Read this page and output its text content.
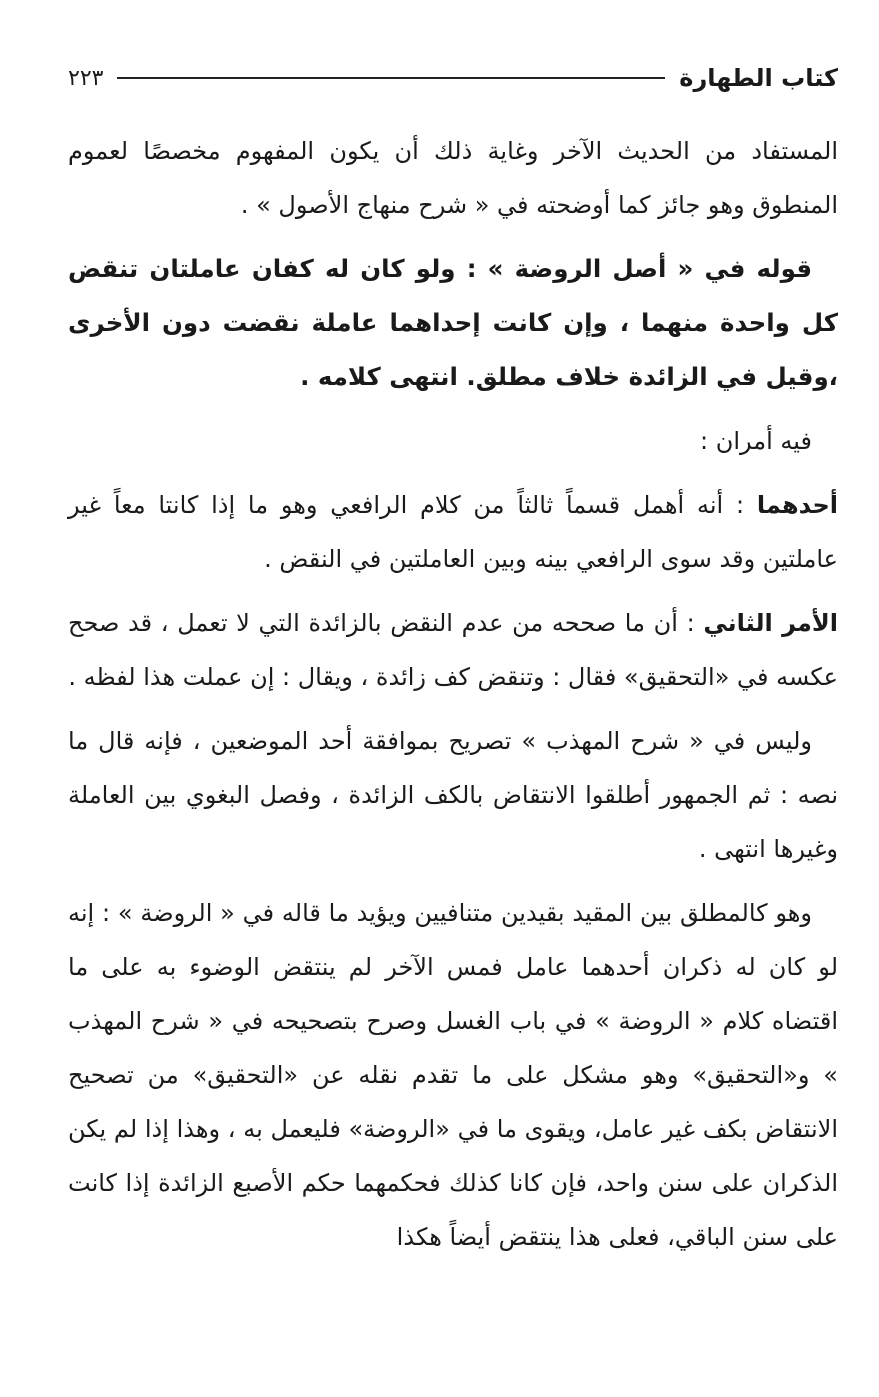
كتاب الطهارة
٢٢٣

المستفاد من الحديث الآخر وغاية ذلك أن يكون المفهوم مخصصًا لعموم المنطوق وهو جائز كما أوضحته في « شرح منهاج الأصول » .

قوله في « أصل الروضة » : ولو كان له كفان عاملتان تنقض كل واحدة منهما ، وإن كانت إحداهما عاملة نقضت دون الأخرى ،وقيل في الزائدة خلاف مطلق. انتهى كلامه .

فيه أمران :

أحدهما : أنه أهمل قسماً ثالثاً من كلام الرافعي وهو ما إذا كانتا معاً غير عاملتين وقد سوى الرافعي بينه وبين العاملتين في النقض .

الأمر الثاني : أن ما صححه من عدم النقض بالزائدة التي لا تعمل ، قد صحح عكسه في «التحقيق» فقال : وتنقض كف زائدة ، ويقال : إن عملت هذا لفظه .

وليس في « شرح المهذب » تصريح بموافقة أحد الموضعين ، فإنه قال ما نصه : ثم الجمهور أطلقوا الانتقاض بالكف الزائدة ، وفصل البغوي بين العاملة وغيرها انتهى .

وهو كالمطلق بين المقيد بقيدين متنافيين ويؤيد ما قاله في « الروضة » : إنه لو كان له ذكران أحدهما عامل فمس الآخر لم ينتقض الوضوء به على ما اقتضاه كلام « الروضة » في باب الغسل وصرح بتصحيحه في « شرح المهذب » و«التحقيق» وهو مشكل على ما تقدم نقله عن «التحقيق» من تصحيح الانتقاض بكف غير عامل، ويقوى ما في «الروضة» فليعمل به ، وهذا إذا لم يكن الذكران على سنن واحد، فإن كانا كذلك فحكمهما حكم الأصبع الزائدة إذا كانت على سنن الباقي، فعلى هذا ينتقض أيضاً هكذا
